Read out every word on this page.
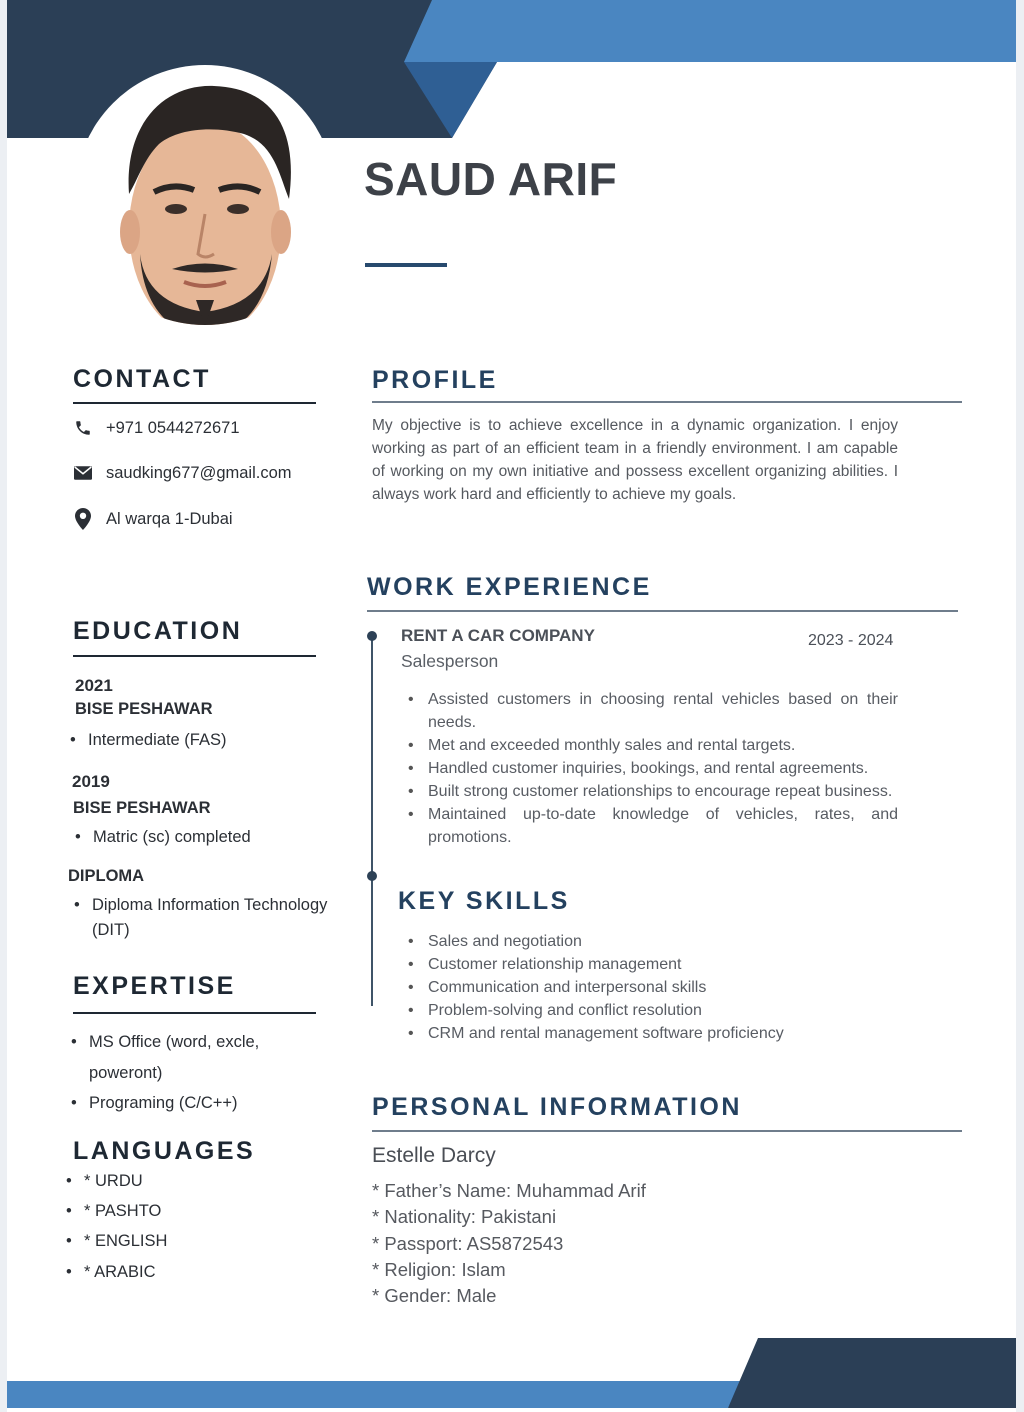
SAUD ARIF
CONTACT
+971 0544272671
saudking677@gmail.com
Al warqa 1-Dubai
EDUCATION
2021
BISE PESHAWAR
• Intermediate (FAS)
2019
BISE PESHAWAR
• Matric (sc) completed
DIPLOMA
• Diploma Information Technology
(DIT)
EXPERTISE
• MS Office (word, excle,
poweront)
• Programing (C/C++)
LANGUAGES
• * URDU
• * PASHTO
• * ENGLISH
• * ARABIC
PROFILE
My objective is to achieve excellence in a dynamic organization. I enjoy working as part of an efficient team in a friendly environment. I am capable of working on my own initiative and possess excellent organizing abilities. I always work hard and efficiently to achieve my goals.
WORK EXPERIENCE
RENT A CAR COMPANY	2023 - 2024
Salesperson
• Assisted customers in choosing rental vehicles based on their needs.
• Met and exceeded monthly sales and rental targets.
• Handled customer inquiries, bookings, and rental agreements.
• Built strong customer relationships to encourage repeat business.
• Maintained up-to-date knowledge of vehicles, rates, and promotions.
KEY SKILLS
• Sales and negotiation
• Customer relationship management
• Communication and interpersonal skills
• Problem-solving and conflict resolution
• CRM and rental management software proficiency
PERSONAL INFORMATION
Estelle Darcy
* Father’s Name: Muhammad Arif
* Nationality: Pakistani
* Passport: AS5872543
* Religion: Islam
* Gender: Male
